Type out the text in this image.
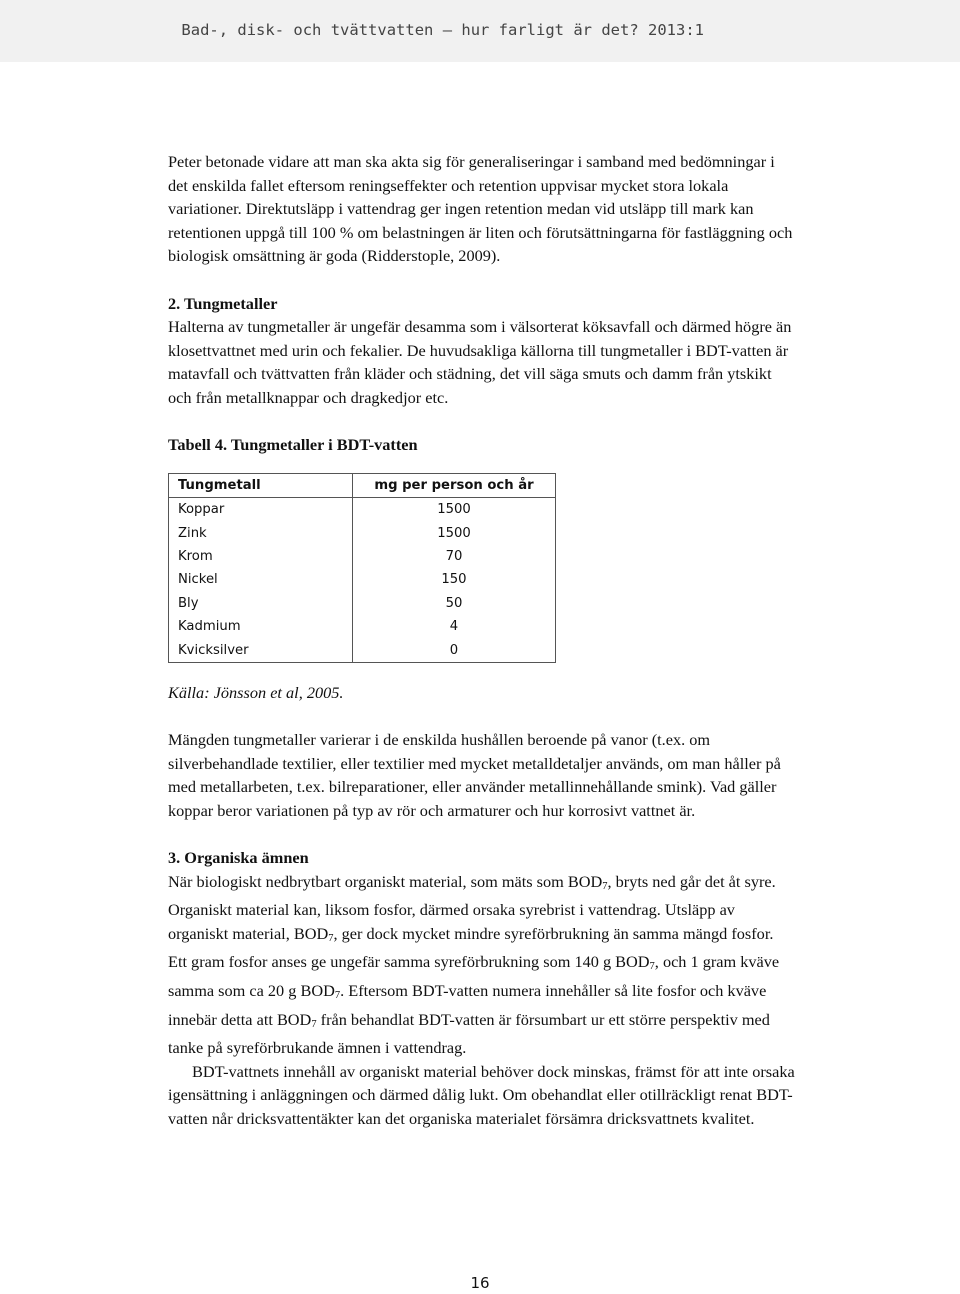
Bad-, disk- och tvättvatten – hur farligt är det? 2013:1

Peter betonade vidare att man ska akta sig för generaliseringar i samband med bedömningar i det enskilda fallet eftersom reningseffekter och retention uppvisar mycket stora lokala variationer. Direktutsläpp i vattendrag ger ingen retention medan vid utsläpp till mark kan retentionen uppgå till 100 % om belastningen är liten och förutsättningarna för fastläggning och biologisk omsättning är goda (Ridderstople, 2009).

2. Tungmetaller

Halterna av tungmetaller är ungefär desamma som i välsorterat köksavfall och därmed högre än klosettvattnet med urin och fekalier. De huvudsakliga källorna till tungmetaller i BDT-vatten är matavfall och tvättvatten från kläder och städning, det vill säga smuts och damm från ytskikt och från metallknappar och dragkedjor etc.

Tabell 4. Tungmetaller i BDT-vatten

Tungmetall	mg per person och år
Koppar	1500
Zink	1500
Krom	70
Nickel	150
Bly	50
Kadmium	4
Kvicksilver	0

Källa: Jönsson et al, 2005.

Mängden tungmetaller varierar i de enskilda hushållen beroende på vanor (t.ex. om silverbehandlade textilier, eller textilier med mycket metalldetaljer används, om man håller på med metallarbeten, t.ex. bilreparationer, eller använder metallinnehållande smink). Vad gäller koppar beror variationen på typ av rör och armaturer och hur korrosivt vattnet är.

3. Organiska ämnen

När biologiskt nedbrytbart organiskt material, som mäts som BOD7, bryts ned går det åt syre. Organiskt material kan, liksom fosfor, därmed orsaka syrebrist i vattendrag. Utsläpp av organiskt material, BOD7, ger dock mycket mindre syreförbrukning än samma mängd fosfor. Ett gram fosfor anses ge ungefär samma syreförbrukning som 140 g BOD7, och 1 gram kväve samma som ca 20 g BOD7. Eftersom BDT-vatten numera innehåller så lite fosfor och kväve innebär detta att BOD7 från behandlat BDT-vatten är försumbart ur ett större perspektiv med tanke på syreförbrukande ämnen i vattendrag.

BDT-vattnets innehåll av organiskt material behöver dock minskas, främst för att inte orsaka igensättning i anläggningen och därmed dålig lukt. Om obehandlat eller otillräckligt renat BDT-vatten når dricksvattentäkter kan det organiska materialet försämra dricksvattnets kvalitet.

16
